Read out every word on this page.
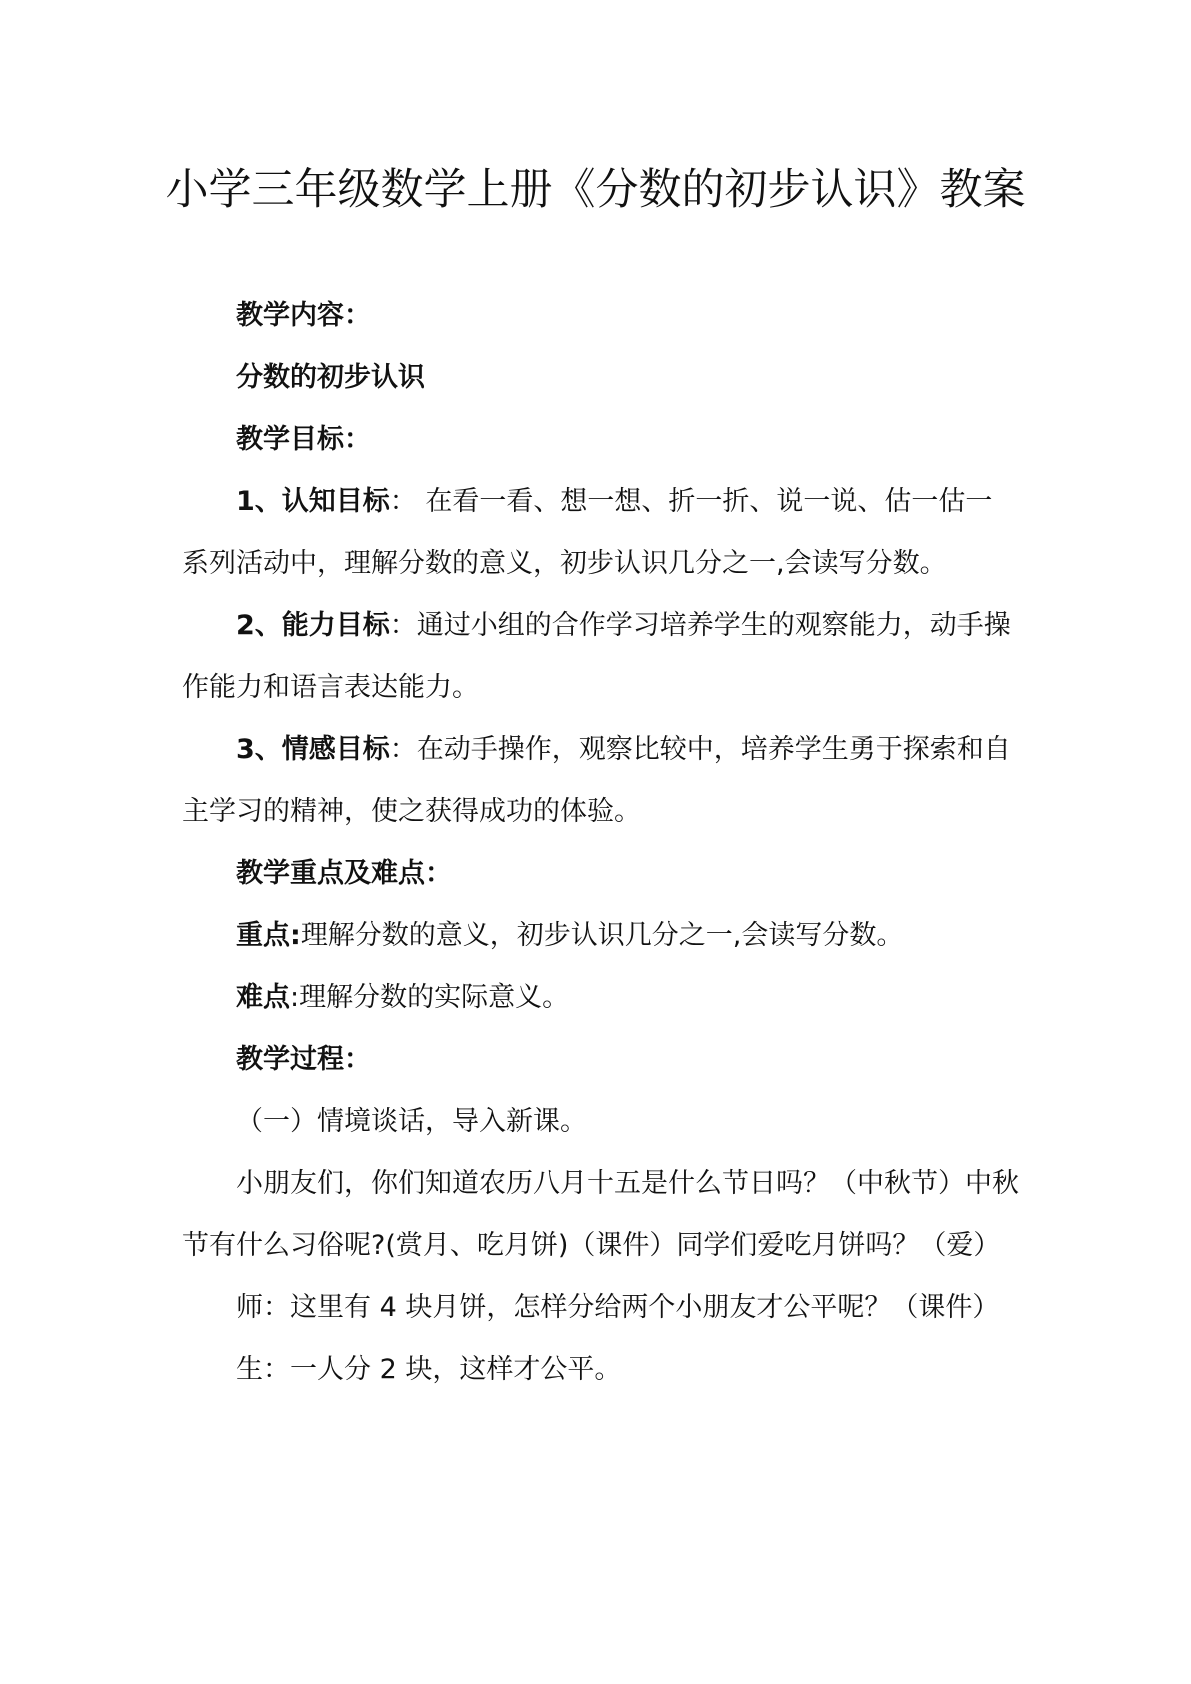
小学三年级数学上册《分数的初步认识》教案

教学内容：

分数的初步认识

教学目标：

1、认知目标： 在看一看、想一想、折一折、说一说、估一估一系列活动中，理解分数的意义，初步认识几分之一,会读写分数。

2、能力目标：通过小组的合作学习培养学生的观察能力，动手操作能力和语言表达能力。

3、情感目标：在动手操作，观察比较中，培养学生勇于探索和自主学习的精神，使之获得成功的体验。

教学重点及难点：

重点:理解分数的意义，初步认识几分之一,会读写分数。

难点:理解分数的实际意义。

教学过程：

（一）情境谈话，导入新课。

小朋友们，你们知道农历八月十五是什么节日吗？（中秋节）中秋节有什么习俗呢?(赏月、吃月饼)（课件）同学们爱吃月饼吗？（爱）

师：这里有 4 块月饼，怎样分给两个小朋友才公平呢？（课件）

生：一人分 2 块，这样才公平。
